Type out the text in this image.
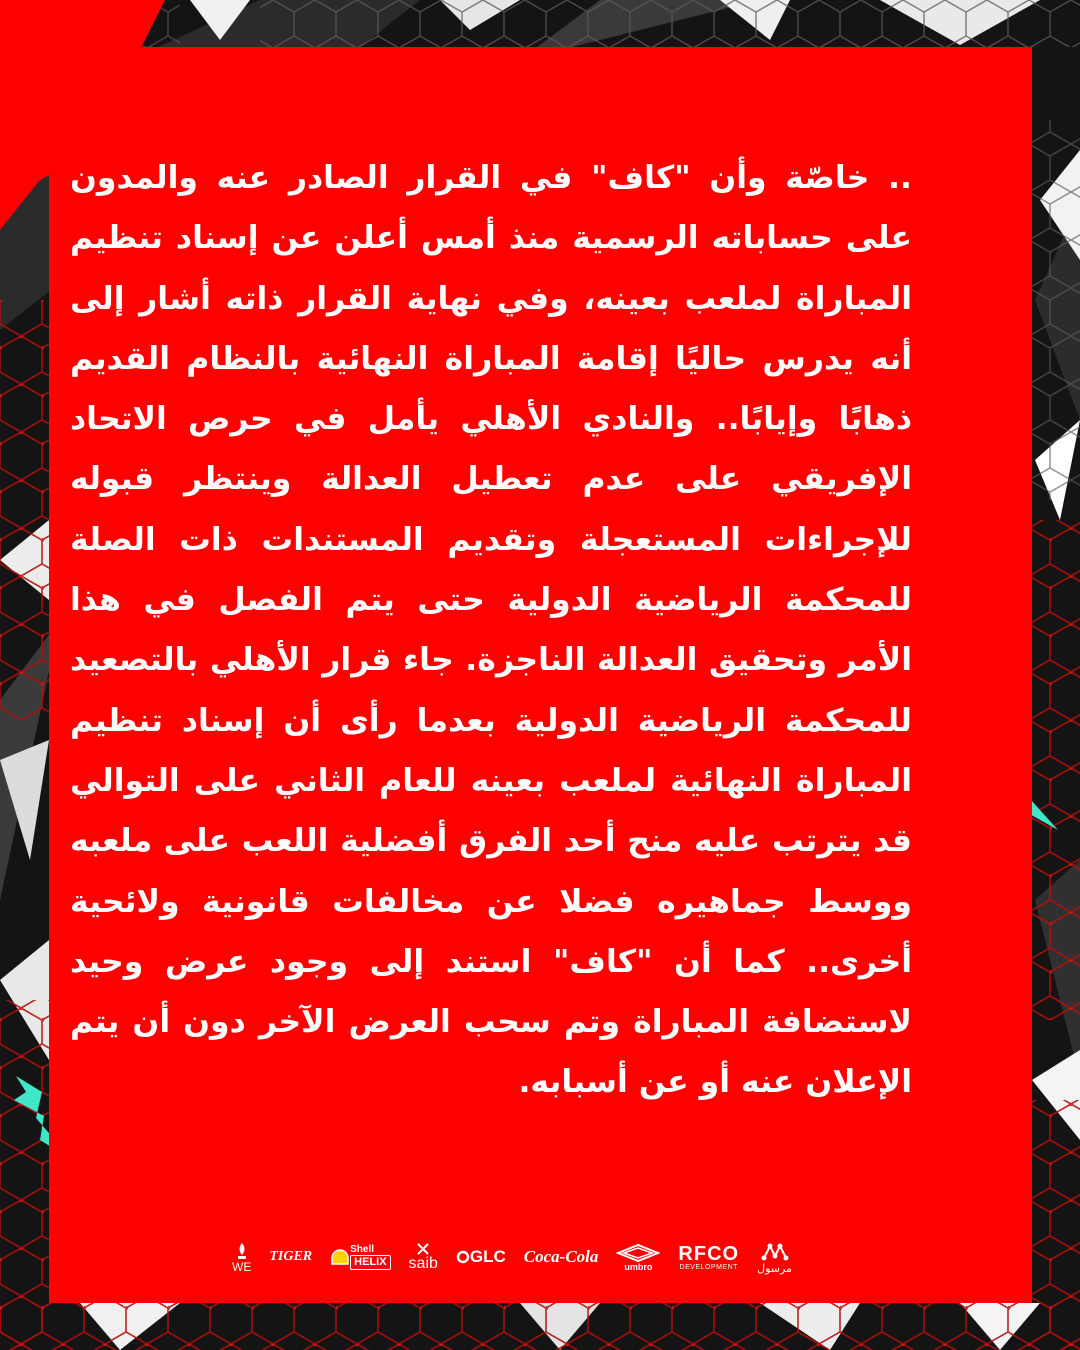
.. خاصّة وأن "كاف" في القرار الصادر عنه والمدون على حساباته الرسمية منذ أمس أعلن عن إسناد تنظيم المباراة لملعب بعينه، وفي نهاية القرار ذاته أشار إلى أنه يدرس حاليًا إقامة المباراة النهائية بالنظام القديم ذهابًا وإيابًا.. والنادي الأهلي يأمل في حرص الاتحاد الإفريقي على عدم تعطيل العدالة وينتظر قبوله للإجراءات المستعجلة وتقديم المستندات ذات الصلة للمحكمة الرياضية الدولية حتى يتم الفصل في هذا الأمر وتحقيق العدالة الناجزة. جاء قرار الأهلي بالتصعيد للمحكمة الرياضية الدولية بعدما رأى أن إسناد تنظيم المباراة النهائية لملعب بعينه للعام الثاني على التوالي قد يترتب عليه منح أحد الفرق أفضلية اللعب على ملعبه ووسط جماهيره فضلا عن مخالفات قانونية ولائحية أخرى.. كما أن "كاف" استند إلى وجود عرض وحيد لاستضافة المباراة وتم سحب العرض الآخر دون أن يتم الإعلان عنه أو عن أسبابه.
مرسول
RFCO
DEVELOPMENT
umbro
Coca-Cola
GLC
saib
Shell
HELIX
TIGER
WE
